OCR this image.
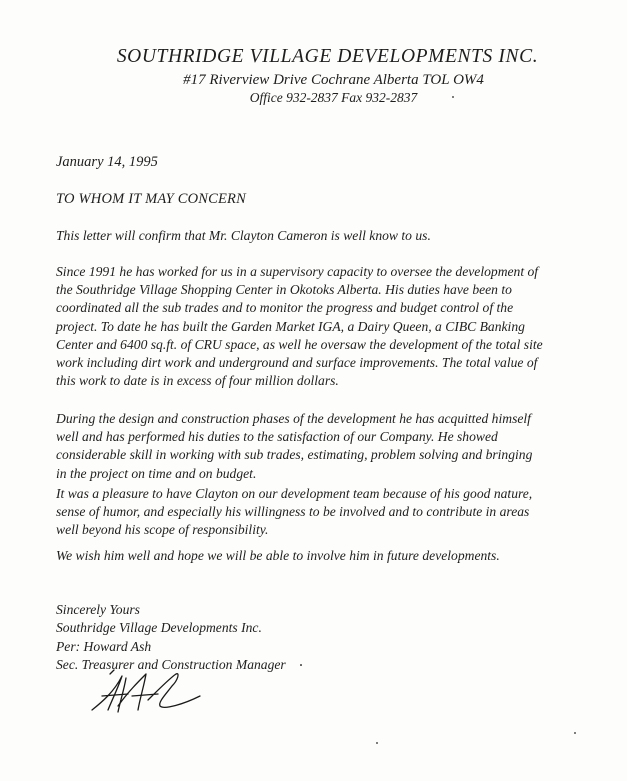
SOUTHRIDGE VILLAGE DEVELOPMENTS INC.
#17 Riverview Drive Cochrane Alberta TOL OW4
Office 932-2837 Fax 932-2837
January 14, 1995
TO WHOM IT MAY CONCERN
This letter will confirm that Mr. Clayton Cameron is well know to us.
Since 1991 he has worked for us in a supervisory capacity to oversee the development of
the Southridge Village Shopping Center in Okotoks Alberta. His duties have been to
coordinated all the sub trades and to monitor the progress and budget control of the
project. To date he has built the Garden Market IGA, a Dairy Queen, a CIBC Banking
Center and 6400 sq.ft. of CRU space, as well he oversaw the development of the total site
work including dirt work and underground and surface improvements. The total value of
this work to date is in excess of four million dollars.
During the design and construction phases of the development he has acquitted himself
well and has performed his duties to the satisfaction of our Company. He showed
considerable skill in working with sub trades, estimating, problem solving and bringing
in the project on time and on budget.
It was a pleasure to have Clayton on our development team because of his good nature,
sense of humor, and especially his willingness to be involved and to contribute in areas
well beyond his scope of responsibility.
We wish him well and hope we will be able to involve him in future developments.
Sincerely Yours
Southridge Village Developments Inc.
Per: Howard Ash
Sec. Treasurer and Construction Manager
